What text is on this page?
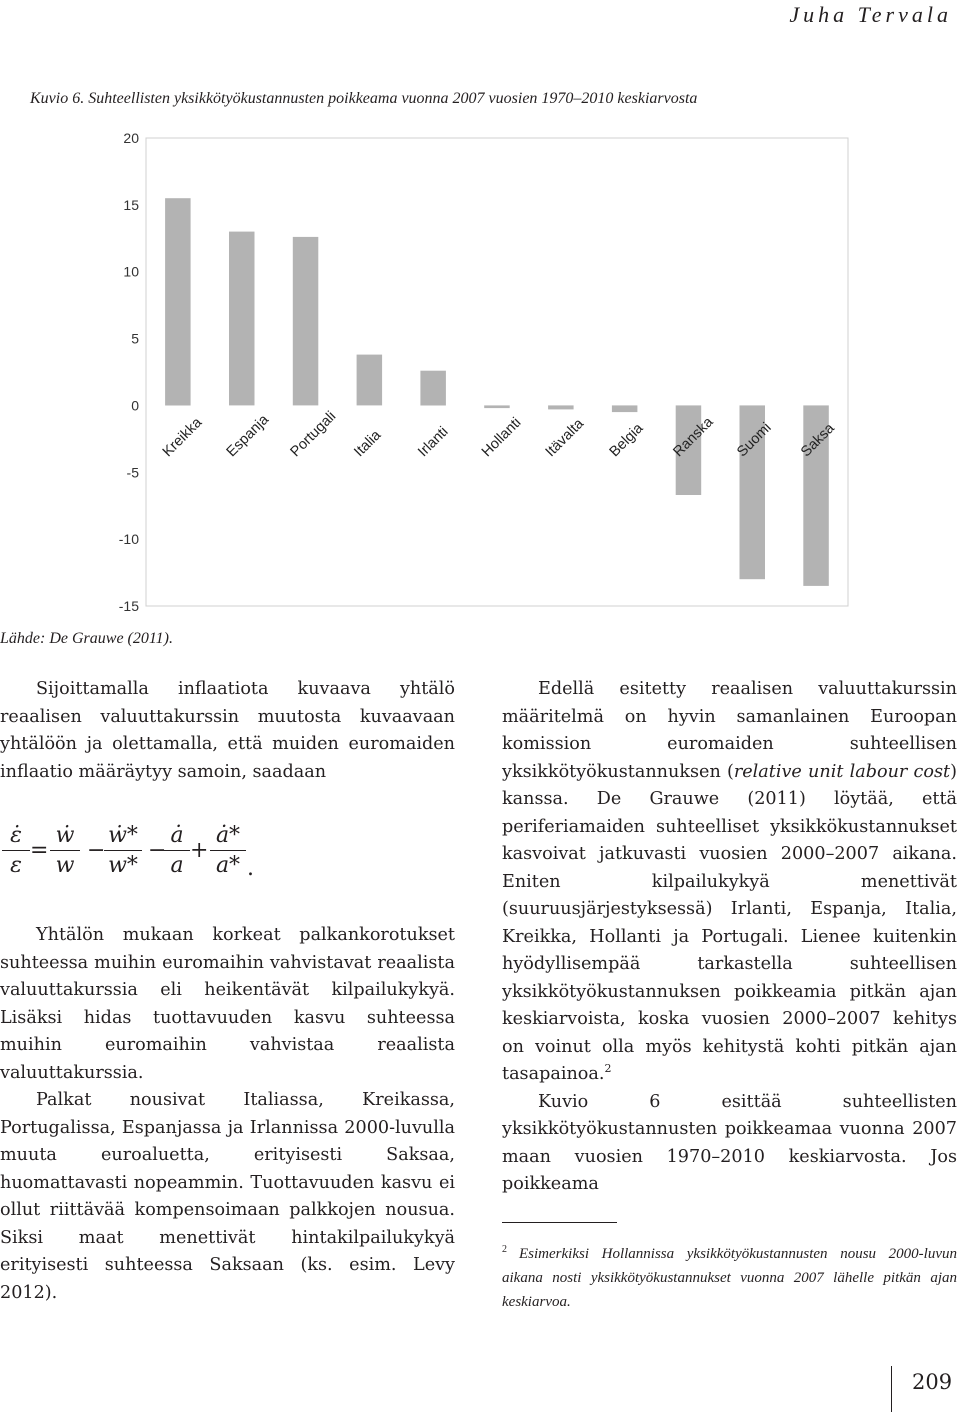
Juha Tervala
Kuvio 6. Suhteellisten yksikkötyökustannusten poikkeama vuonna 2007 vuosien 1970–2010 keskiarvosta
20
15
10
5
0
-5
-10
-15
Kreikka Espanja Portugali Italia Irlanti Hollanti Itävalta Belgia Ranska Suomi Saksa
Lähde: De Grauwe (2011).

Sijoittamalla inflaatiota kuvaava yhtälö reaalisen valuuttakurssin muutosta kuvaavaan yhtälöön ja olettamalla, että muiden euromaiden inflaatio määräytyy samoin, saadaan

$\frac{\varepsiloṅ}{\varepsilon} = \frac{\text{ẇ}}{w}$ −
$\frac{\text{ẇ*}}{w*}$ −
$\frac{ȧ}{a} + \frac{ȧ*}{a*}$ .

Yhtälön mukaan korkeat palkankorotukset suhteessa muihin euromaihin vahvistavat reaalista valuuttakurssia eli heikentävät kilpailukykyä. Lisäksi hidas tuottavuuden kasvu suhteessa muihin euromaihin vahvistaa reaalista valuuttakurssia.

Palkat nousivat Italiassa, Kreikassa, Portugalissa, Espanjassa ja Irlannissa 2000-luvulla muuta euroaluetta, erityisesti Saksaa, huomattavasti nopeammin. Tuottavuuden kasvu ei ollut riittävää kompensoimaan palkkojen nousua. Siksi maat menettivät hintakilpailukykyä erityisesti suhteessa Saksaan (ks. esim. Levy 2012).

Edellä esitetty reaalisen valuuttakurssin määritelmä on hyvin samanlainen Euroopan komission euromaiden suhteellisen yksikkötyökustannuksen (relative unit labour cost) kanssa. De Grauwe (2011) löytää, että periferiamaiden suhteelliset yksikkökustannukset kasvoivat jatkuvasti vuosien 2000–2007 aikana. Eniten kilpailukykyä menettivät (suuruusjärjestyksessä) Irlanti, Espanja, Italia, Kreikka, Hollanti ja Portugali. Lienee kuitenkin hyödyllisempää tarkastella suhteellisen yksikkötyökustannuksen poikkeamia pitkän ajan keskiarvoista, koska vuosien 2000–2007 kehitys on voinut olla myös kehitystä kohti pitkän ajan tasapainoa.$^2$

Kuvio 6 esittää suhteellisten yksikkötyökustannusten poikkeamaa vuonna 2007 maan vuosien 1970–2010 keskiarvosta. Jos poikkeama

$^2$ Esimerkiksi Hollannissa yksikkötyökustannusten nousu 2000-luvun aikana nosti yksikkötyökustannukset vuonna 2007 lähelle pitkän ajan keskiarvoa.
209
